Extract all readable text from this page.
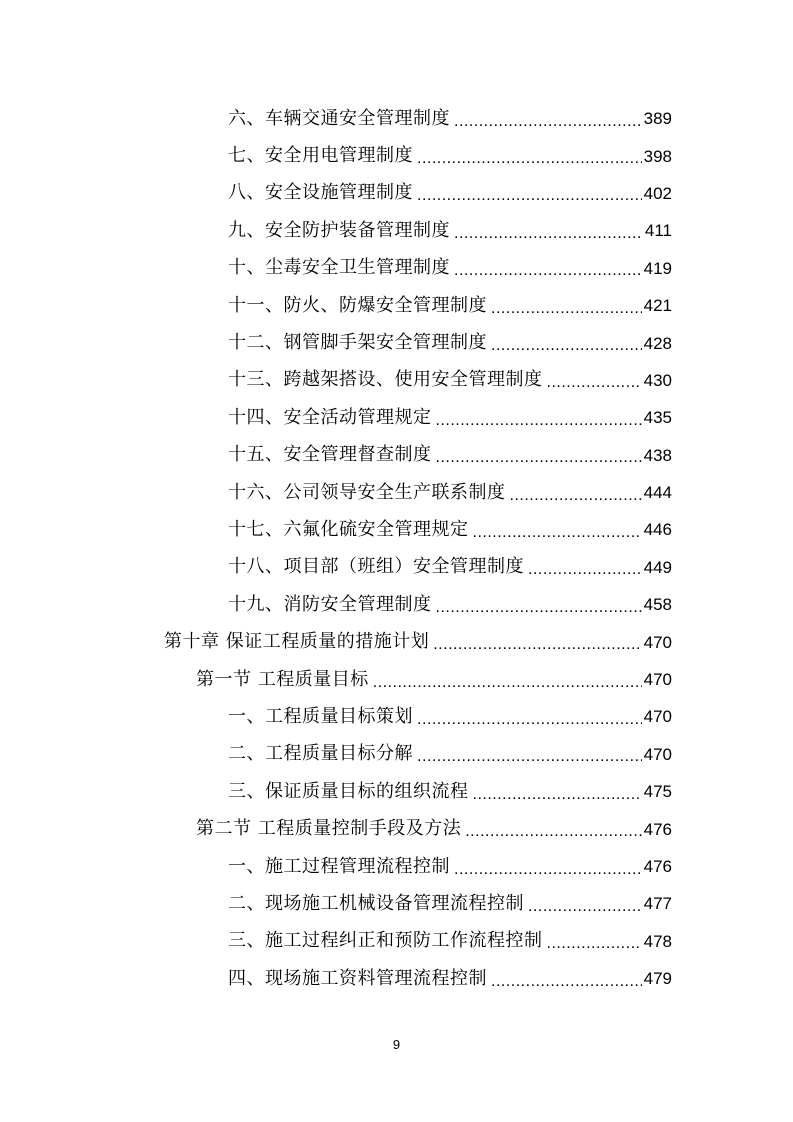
六、车辆交通安全管理制度 .....	389
七、安全用电管理制度 .....	398
八、安全设施管理制度 .....	402
九、安全防护装备管理制度 .....	411
十、尘毒安全卫生管理制度 .....	419
十一、防火、防爆安全管理制度 .....	421
十二、钢管脚手架安全管理制度 .....	428
十三、跨越架搭设、使用安全管理制度 .....	430
十四、安全活动管理规定 .....	435
十五、安全管理督查制度 .....	438
十六、公司领导安全生产联系制度 .....	444
十七、六氟化硫安全管理规定 .....	446
十八、项目部（班组）安全管理制度 .....	449
十九、消防安全管理制度 .....	458
第十章 保证工程质量的措施计划 .....	470
第一节 工程质量目标 .....	470
一、工程质量目标策划 .....	470
二、工程质量目标分解 .....	470
三、保证质量目标的组织流程 .....	475
第二节 工程质量控制手段及方法 .....	476
一、施工过程管理流程控制 .....	476
二、现场施工机械设备管理流程控制 .....	477
三、施工过程纠正和预防工作流程控制 .....	478
四、现场施工资料管理流程控制 .....	479
9
